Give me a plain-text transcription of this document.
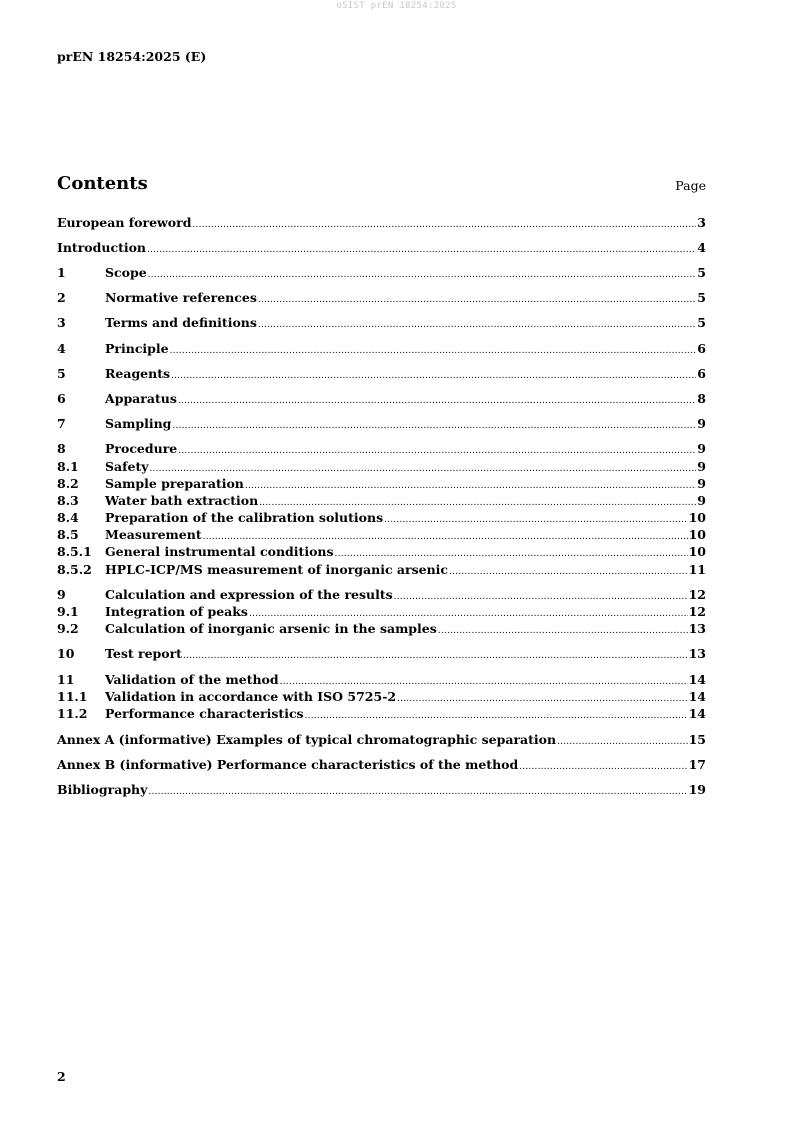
oSIST prEN 18254:2025
prEN 18254:2025 (E)
Contents	Page
European foreword .....	3
Introduction .....	4
1	Scope .....	5
2	Normative references .....	5
3	Terms and definitions .....	5
4	Principle .....	6
5	Reagents .....	6
6	Apparatus .....	8
7	Sampling .....	9
8	Procedure .....	9
8.1	Safety .....	9
8.2	Sample preparation .....	9
8.3	Water bath extraction .....	9
8.4	Preparation of the calibration solutions .....	10
8.5	Measurement .....	10
8.5.1	General instrumental conditions .....	10
8.5.2	HPLC-ICP/MS measurement of inorganic arsenic .....	11
9	Calculation and expression of the results .....	12
9.1	Integration of peaks .....	12
9.2	Calculation of inorganic arsenic in the samples .....	13
10	Test report .....	13
11	Validation of the method .....	14
11.1	Validation in accordance with ISO 5725-2 .....	14
11.2	Performance characteristics .....	14
Annex A (informative) Examples of typical chromatographic separation .....	15
Annex B (informative) Performance characteristics of the method .....	17
Bibliography .....	19
2
